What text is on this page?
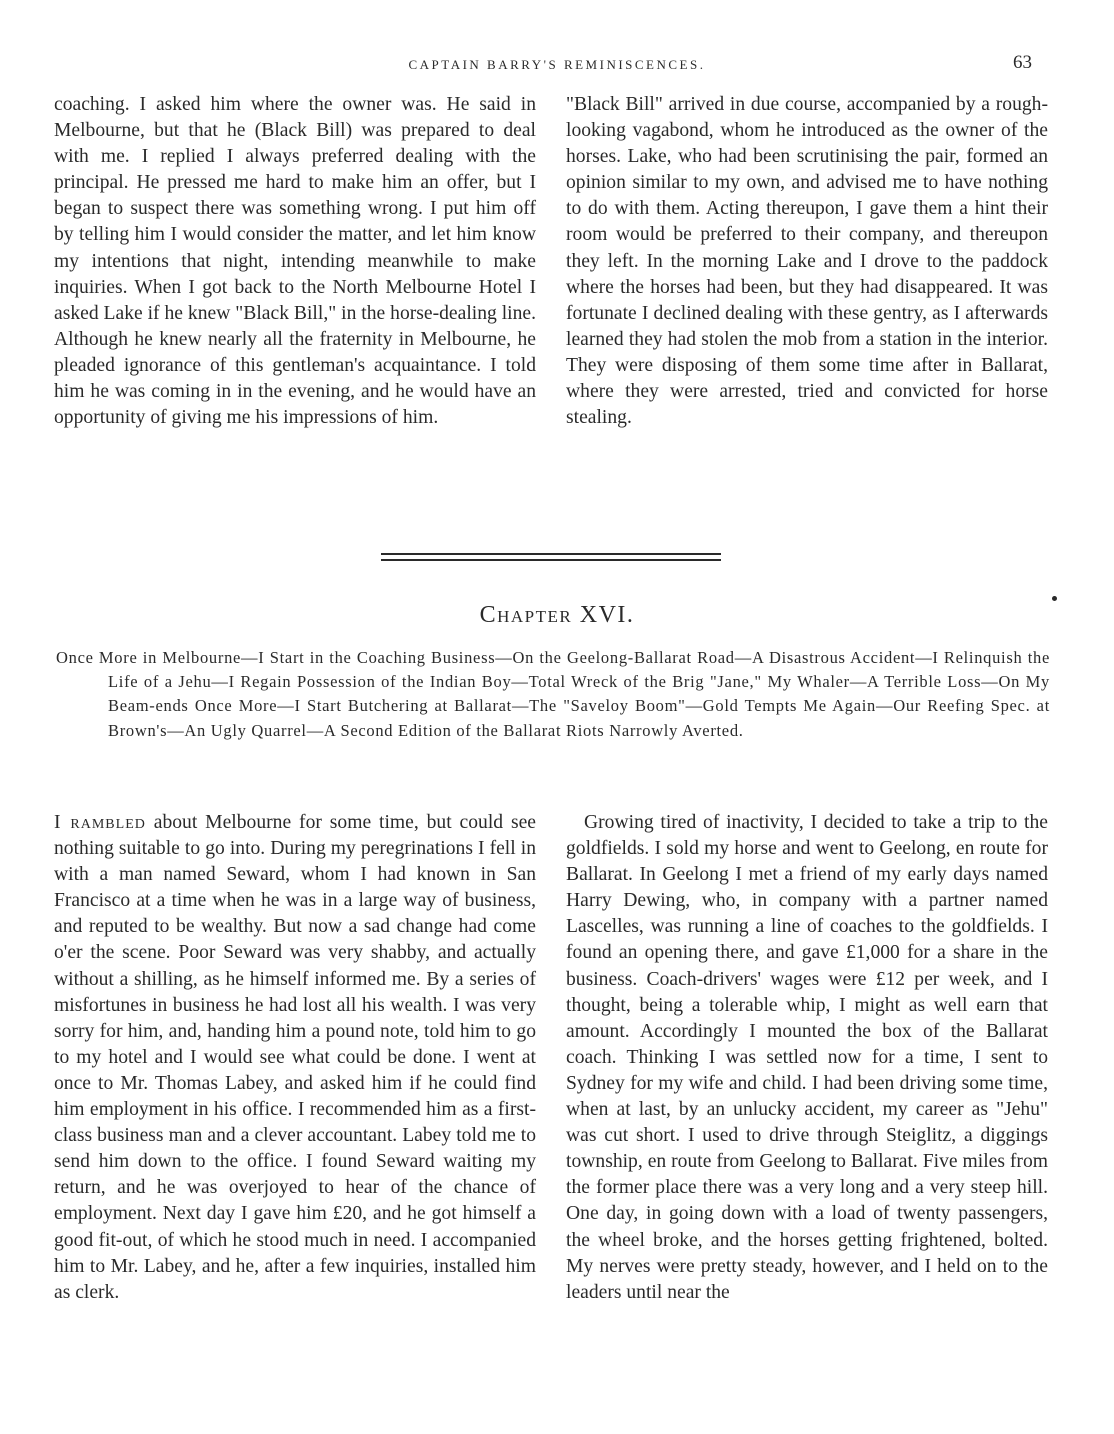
CAPTAIN BARRY'S REMINISCENCES.	63

coaching. I asked him where the owner was. He said in Melbourne, but that he (Black Bill) was prepared to deal with me. I replied I always preferred dealing with the principal. He pressed me hard to make him an offer, but I began to suspect there was something wrong. I put him off by telling him I would consider the matter, and let him know my intentions that night, intending meanwhile to make inquiries. When I got back to the North Melbourne Hotel I asked Lake if he knew "Black Bill," in the horse-dealing line. Although he knew nearly all the fraternity in Melbourne, he pleaded ignorance of this gentleman's acquaintance. I told him he was coming in in the evening, and he would have an opportunity of giving me his impressions of him.

"Black Bill" arrived in due course, accompanied by a rough-looking vagabond, whom he introduced as the owner of the horses. Lake, who had been scrutinising the pair, formed an opinion similar to my own, and advised me to have nothing to do with them. Acting thereupon, I gave them a hint their room would be preferred to their company, and thereupon they left. In the morning Lake and I drove to the paddock where the horses had been, but they had disappeared. It was fortunate I declined dealing with these gentry, as I afterwards learned they had stolen the mob from a station in the interior. They were disposing of them some time after in Ballarat, where they were arrested, tried and convicted for horse stealing.

Chapter XVI.
Once More in Melbourne—I Start in the Coaching Business—On the Geelong-Ballarat Road—A Disastrous Accident—I Relinquish the Life of a Jehu—I Regain Possession of the Indian Boy—Total Wreck of the Brig "Jane," My Whaler—A Terrible Loss—On My Beam-ends Once More—I Start Butchering at Ballarat—The "Saveloy Boom"—Gold Tempts Me Again—Our Reefing Spec. at Brown's—An Ugly Quarrel—A Second Edition of the Ballarat Riots Narrowly Averted.

I rambled about Melbourne for some time, but could see nothing suitable to go into. During my peregrinations I fell in with a man named Seward, whom I had known in San Francisco at a time when he was in a large way of business, and reputed to be wealthy. But now a sad change had come o'er the scene. Poor Seward was very shabby, and actually without a shilling, as he himself informed me. By a series of misfortunes in business he had lost all his wealth. I was very sorry for him, and, handing him a pound note, told him to go to my hotel and I would see what could be done. I went at once to Mr. Thomas Labey, and asked him if he could find him employment in his office. I recommended him as a first-class business man and a clever accountant. Labey told me to send him down to the office. I found Seward waiting my return, and he was overjoyed to hear of the chance of employment. Next day I gave him £20, and he got himself a good fit-out, of which he stood much in need. I accompanied him to Mr. Labey, and he, after a few inquiries, installed him as clerk.

Growing tired of inactivity, I decided to take a trip to the goldfields. I sold my horse and went to Geelong, en route for Ballarat. In Geelong I met a friend of my early days named Harry Dewing, who, in company with a partner named Lascelles, was running a line of coaches to the goldfields. I found an opening there, and gave £1,000 for a share in the business. Coach-drivers' wages were £12 per week, and I thought, being a tolerable whip, I might as well earn that amount. Accordingly I mounted the box of the Ballarat coach. Thinking I was settled now for a time, I sent to Sydney for my wife and child. I had been driving some time, when at last, by an unlucky accident, my career as "Jehu" was cut short. I used to drive through Steiglitz, a diggings township, en route from Geelong to Ballarat. Five miles from the former place there was a very long and a very steep hill. One day, in going down with a load of twenty passengers, the wheel broke, and the horses getting frightened, bolted. My nerves were pretty steady, however, and I held on to the leaders until near the
